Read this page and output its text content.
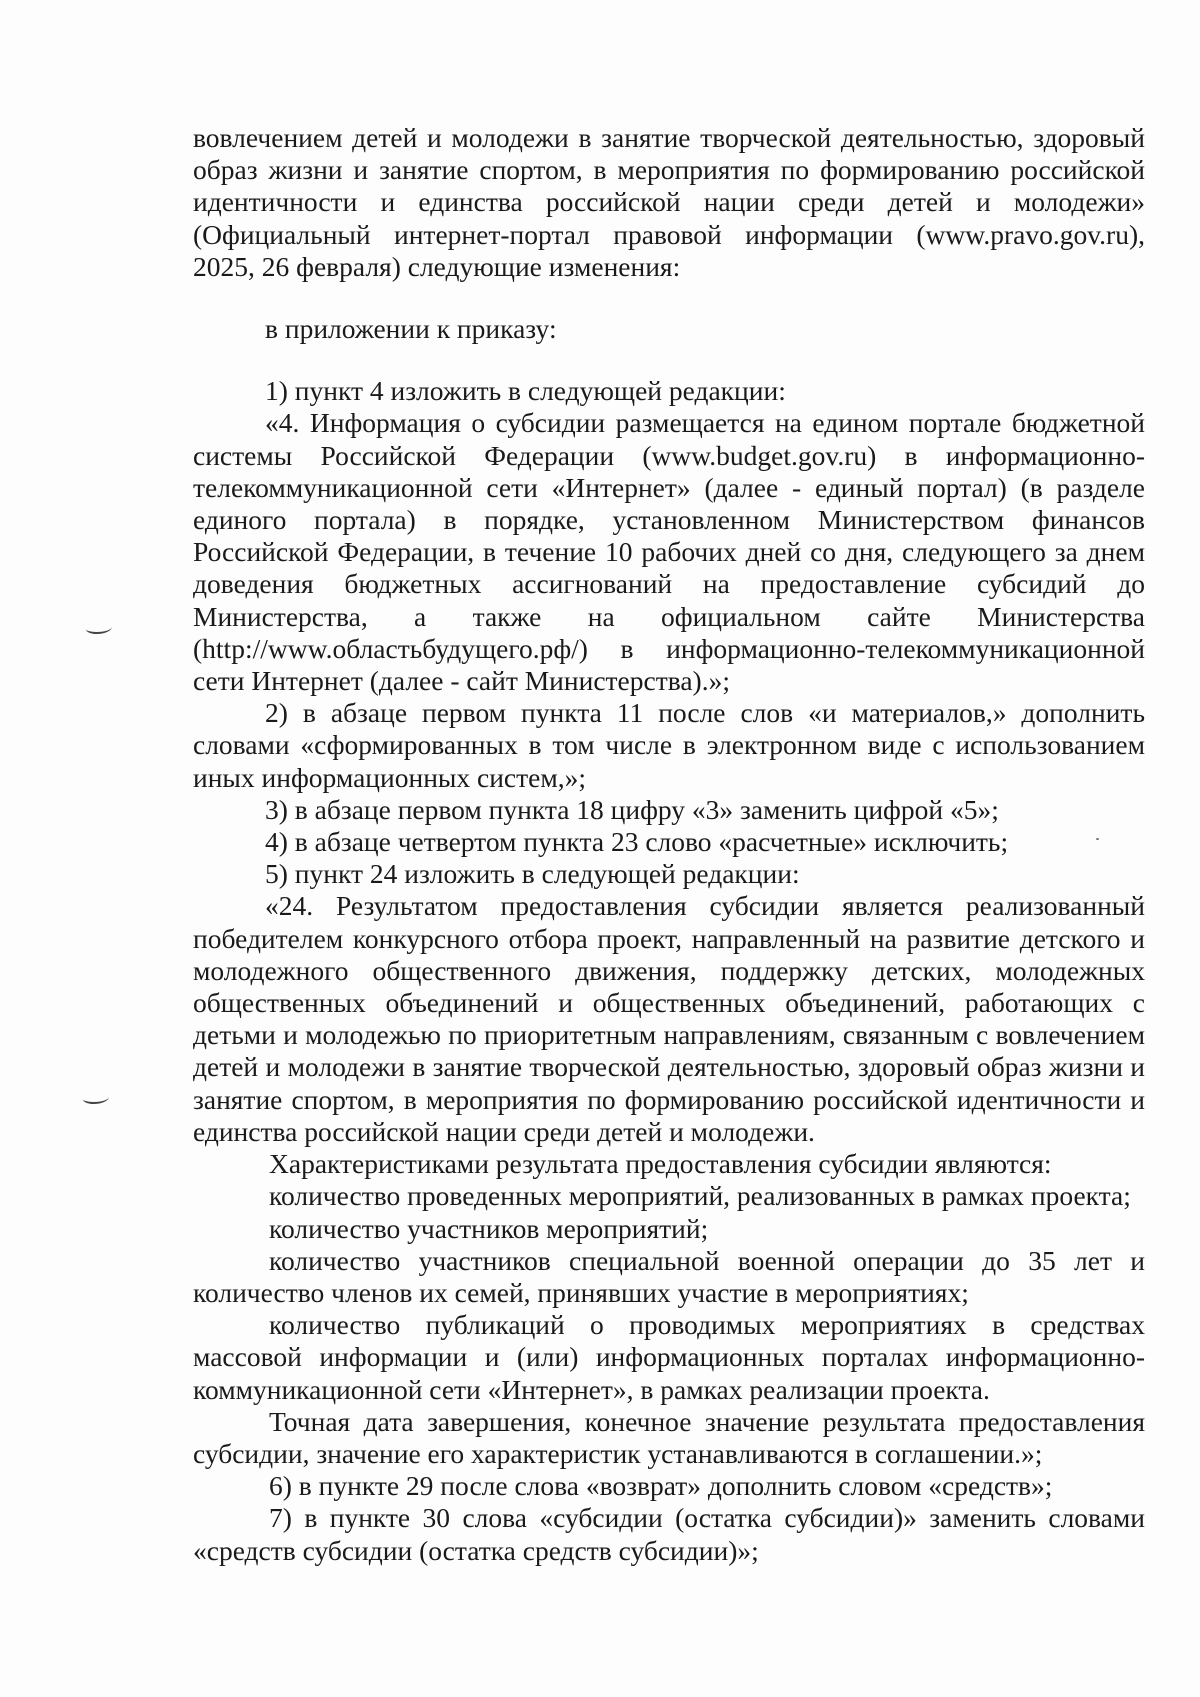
вовлечением детей и молодежи в занятие творческой деятельностью, здоровый образ жизни и занятие спортом, в мероприятия по формированию российской идентичности и единства российской нации среди детей и молодежи» (Официальный интернет-портал правовой информации (www.pravo.gov.ru), 2025, 26 февраля) следующие изменения:

в приложении к приказу:

1) пункт 4 изложить в следующей редакции:

«4. Информация о субсидии размещается на едином портале бюджетной системы Российской Федерации (www.budget.gov.ru) в информационно-телекоммуникационной сети «Интернет» (далее - единый портал) (в разделе единого портала) в порядке, установленном Министерством финансов Российской Федерации, в течение 10 рабочих дней со дня, следующего за днем доведения бюджетных ассигнований на предоставление субсидий до Министерства, а также на официальном сайте Министерства (http://www.областьбудущего.рф/) в информационно-телекоммуникационной сети Интернет (далее - сайт Министерства).»;

2) в абзаце первом пункта 11 после слов «и материалов,» дополнить словами «сформированных в том числе в электронном виде с использованием иных информационных систем,»;

3) в абзаце первом пункта 18 цифру «3» заменить цифрой «5»;

4) в абзаце четвертом пункта 23 слово «расчетные» исключить;

5) пункт 24 изложить в следующей редакции:

«24. Результатом предоставления субсидии является реализованный победителем конкурсного отбора проект, направленный на развитие детского и молодежного общественного движения, поддержку детских, молодежных общественных объединений и общественных объединений, работающих с детьми и молодежью по приоритетным направлениям, связанным с вовлечением детей и молодежи в занятие творческой деятельностью, здоровый образ жизни и занятие спортом, в мероприятия по формированию российской идентичности и единства российской нации среди детей и молодежи.

Характеристиками результата предоставления субсидии являются:

количество проведенных мероприятий, реализованных в рамках проекта;

количество участников мероприятий;

количество участников специальной военной операции до 35 лет и количество членов их семей, принявших участие в мероприятиях;

количество публикаций о проводимых мероприятиях в средствах массовой информации и (или) информационных порталах информационно-коммуникационной сети «Интернет», в рамках реализации проекта.

Точная дата завершения, конечное значение результата предоставления субсидии, значение его характеристик устанавливаются в соглашении.»;

6) в пункте 29 после слова «возврат» дополнить словом «средств»;

7) в пункте 30 слова «субсидии (остатка субсидии)» заменить словами «средств субсидии (остатка средств субсидии)»;
